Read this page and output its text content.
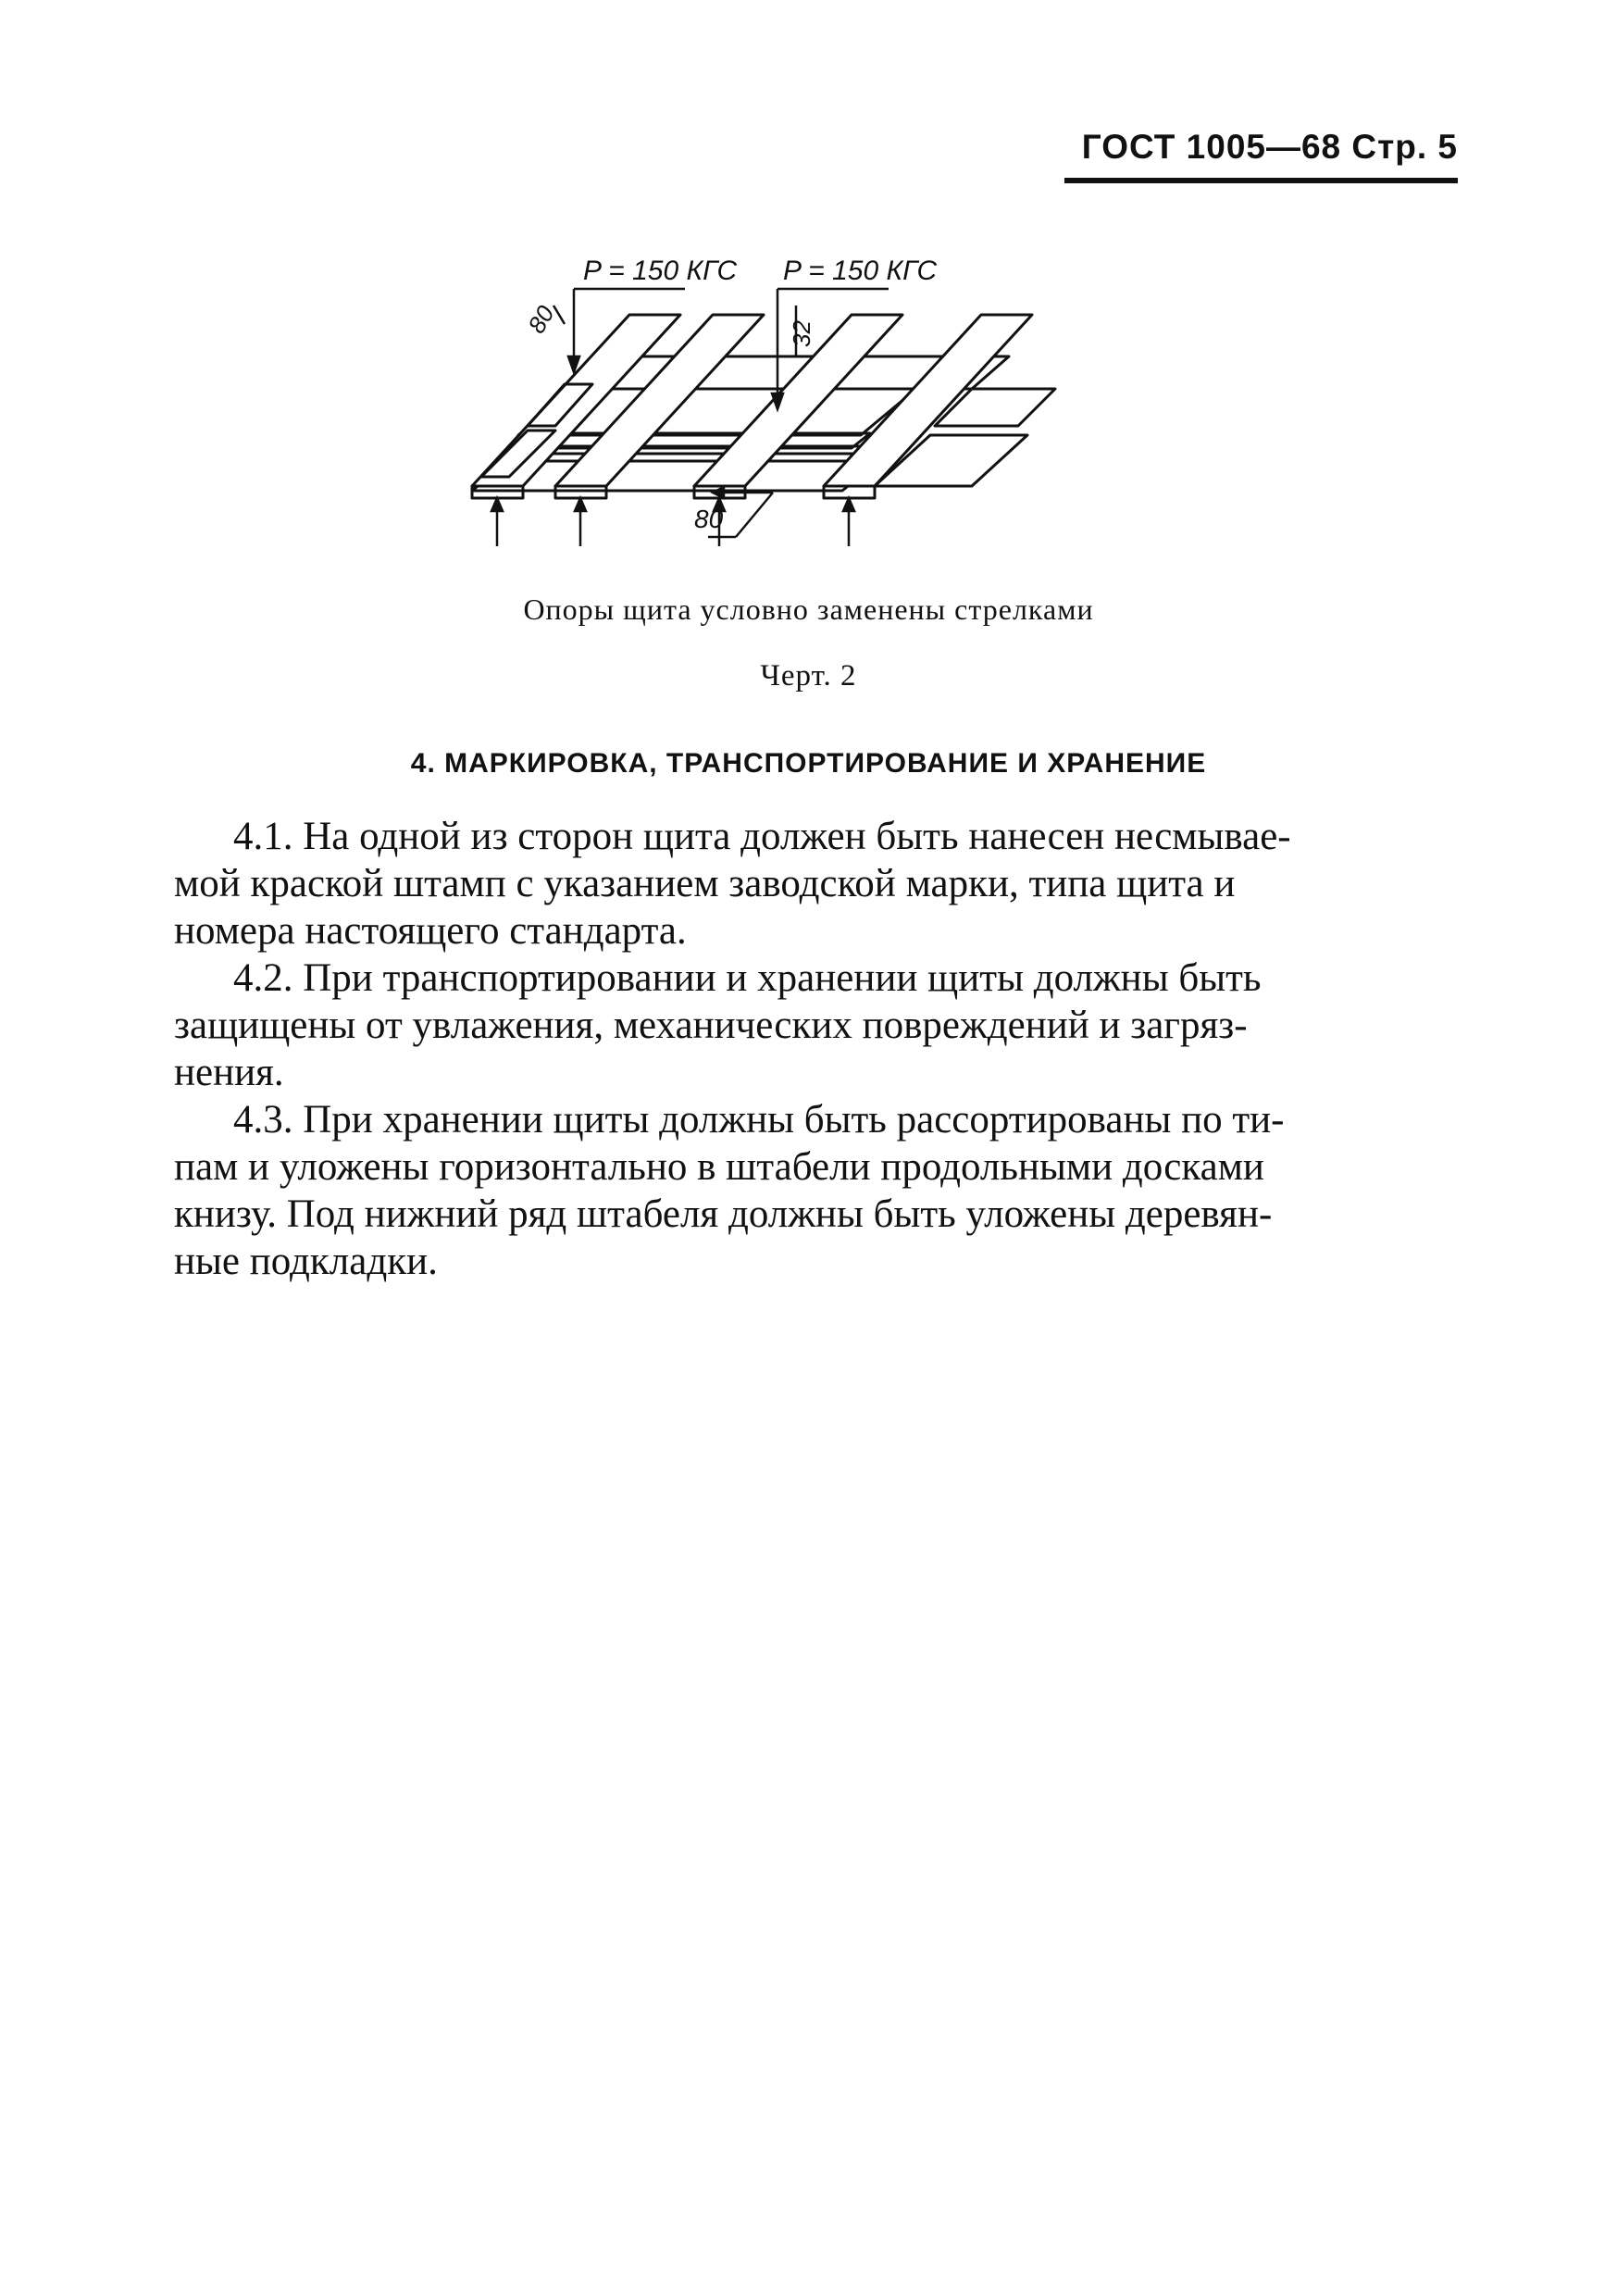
ГОСТ 1005—68 Стр. 5
P = 150 КГС P = 150 КГС
80	32
80
Опоры щита условно заменены стрелками
Черт. 2
4. МАРКИРОВКА, ТРАНСПОРТИРОВАНИЕ И ХРАНЕНИЕ
4.1. На одной из сторон щита должен быть нанесен несмывае-
мой краской штамп с указанием заводской марки, типа щита и
номера настоящего стандарта.
4.2. При транспортировании и хранении щиты должны быть
защищены от увлажения, механических повреждений и загряз-
нения.
4.3. При хранении щиты должны быть рассортированы по ти-
пам и уложены горизонтально в штабели продольными досками
книзу. Под нижний ряд штабеля должны быть уложены деревян-
ные подкладки.
